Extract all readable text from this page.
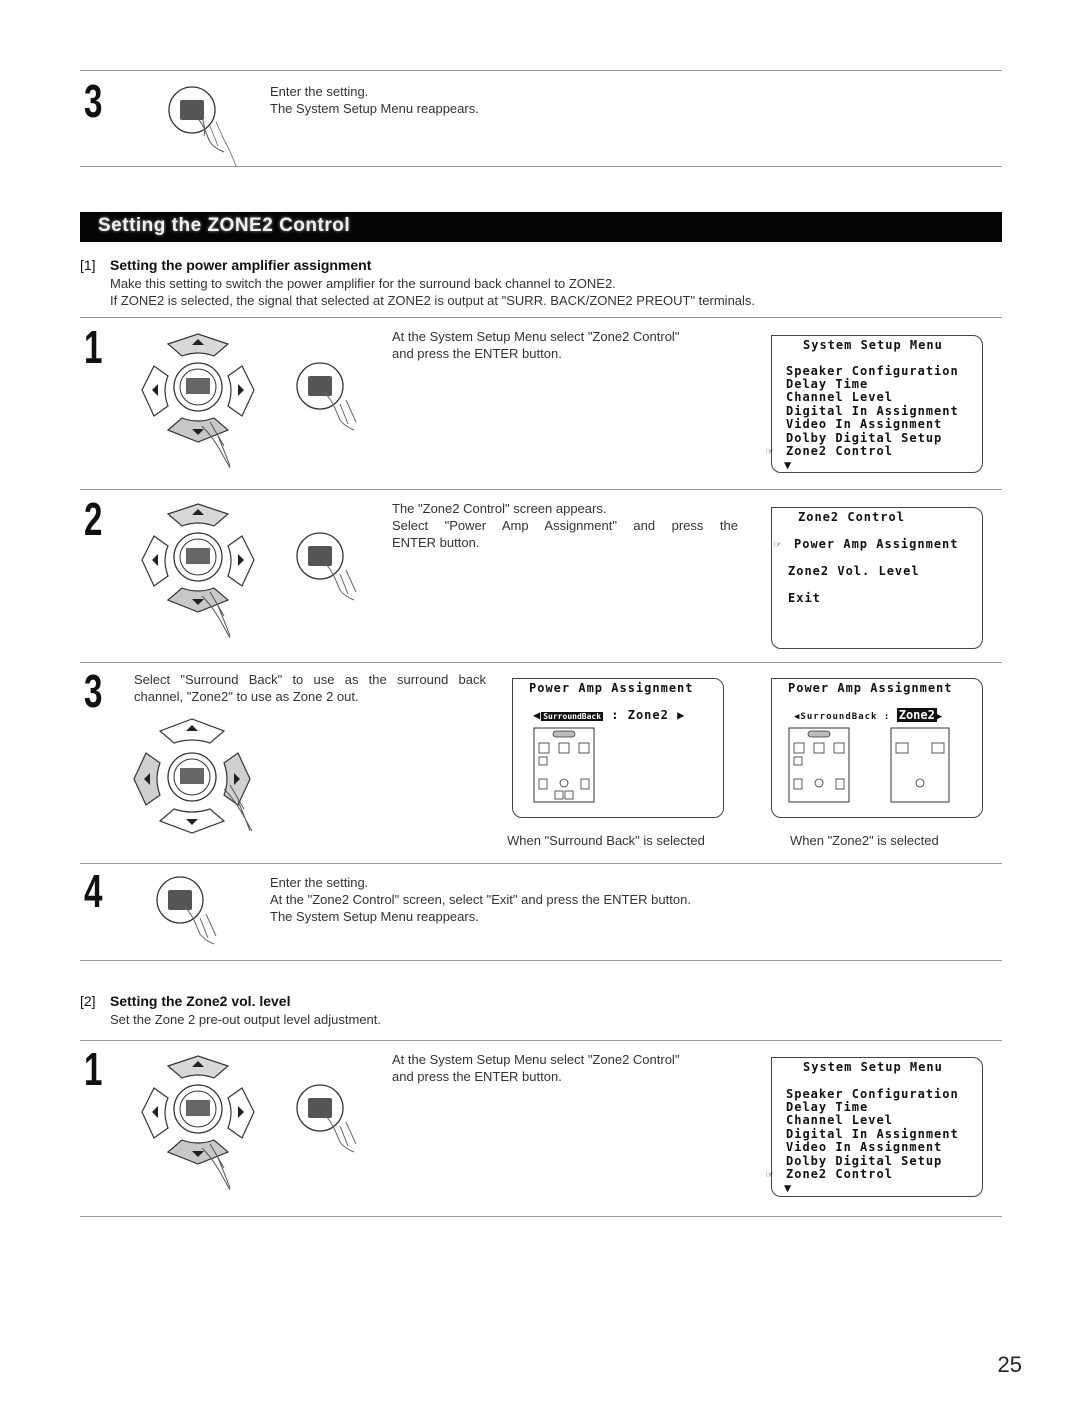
3	Enter the setting.
The System Setup Menu reappears.
Setting the ZONE2 Control
[1] Setting the power amplifier assignment
Make this setting to switch the power amplifier for the surround back channel to ZONE2.
If ZONE2 is selected, the signal that selected at ZONE2 is output at "SURR. BACK/ZONE2 PREOUT" terminals.
1	At the System Setup Menu select "Zone2 Control"
and press the ENTER button.
System Setup Menu
Speaker Configuration
Delay Time
Channel Level
Digital In Assignment
Video In Assignment
Dolby Digital Setup
☞ Zone2 Control
▼
2	The "Zone2 Control" screen appears.
Select "Power Amp Assignment" and press the
ENTER button.
Zone2 Control
☞ Power Amp Assignment
Zone2 Vol. Level
Exit
3 Select "Surround Back" to use as the surround back
channel, "Zone2" to use as Zone 2 out.
Power Amp Assignment
◀ SurroundBack : Zone2 ▶
When "Surround Back" is selected
Power Amp Assignment
◀SurroundBack : Zone2 ▶
When "Zone2" is selected
4	Enter the setting.
At the "Zone2 Control" screen, select "Exit" and press the ENTER button.
The System Setup Menu reappears.
[2] Setting the Zone2 vol. level
Set the Zone 2 pre-out output level adjustment.
1	At the System Setup Menu select "Zone2 Control"
and press the ENTER button.
System Setup Menu
Speaker Configuration
Delay Time
Channel Level
Digital In Assignment
Video In Assignment
Dolby Digital Setup
☞ Zone2 Control
▼
25
